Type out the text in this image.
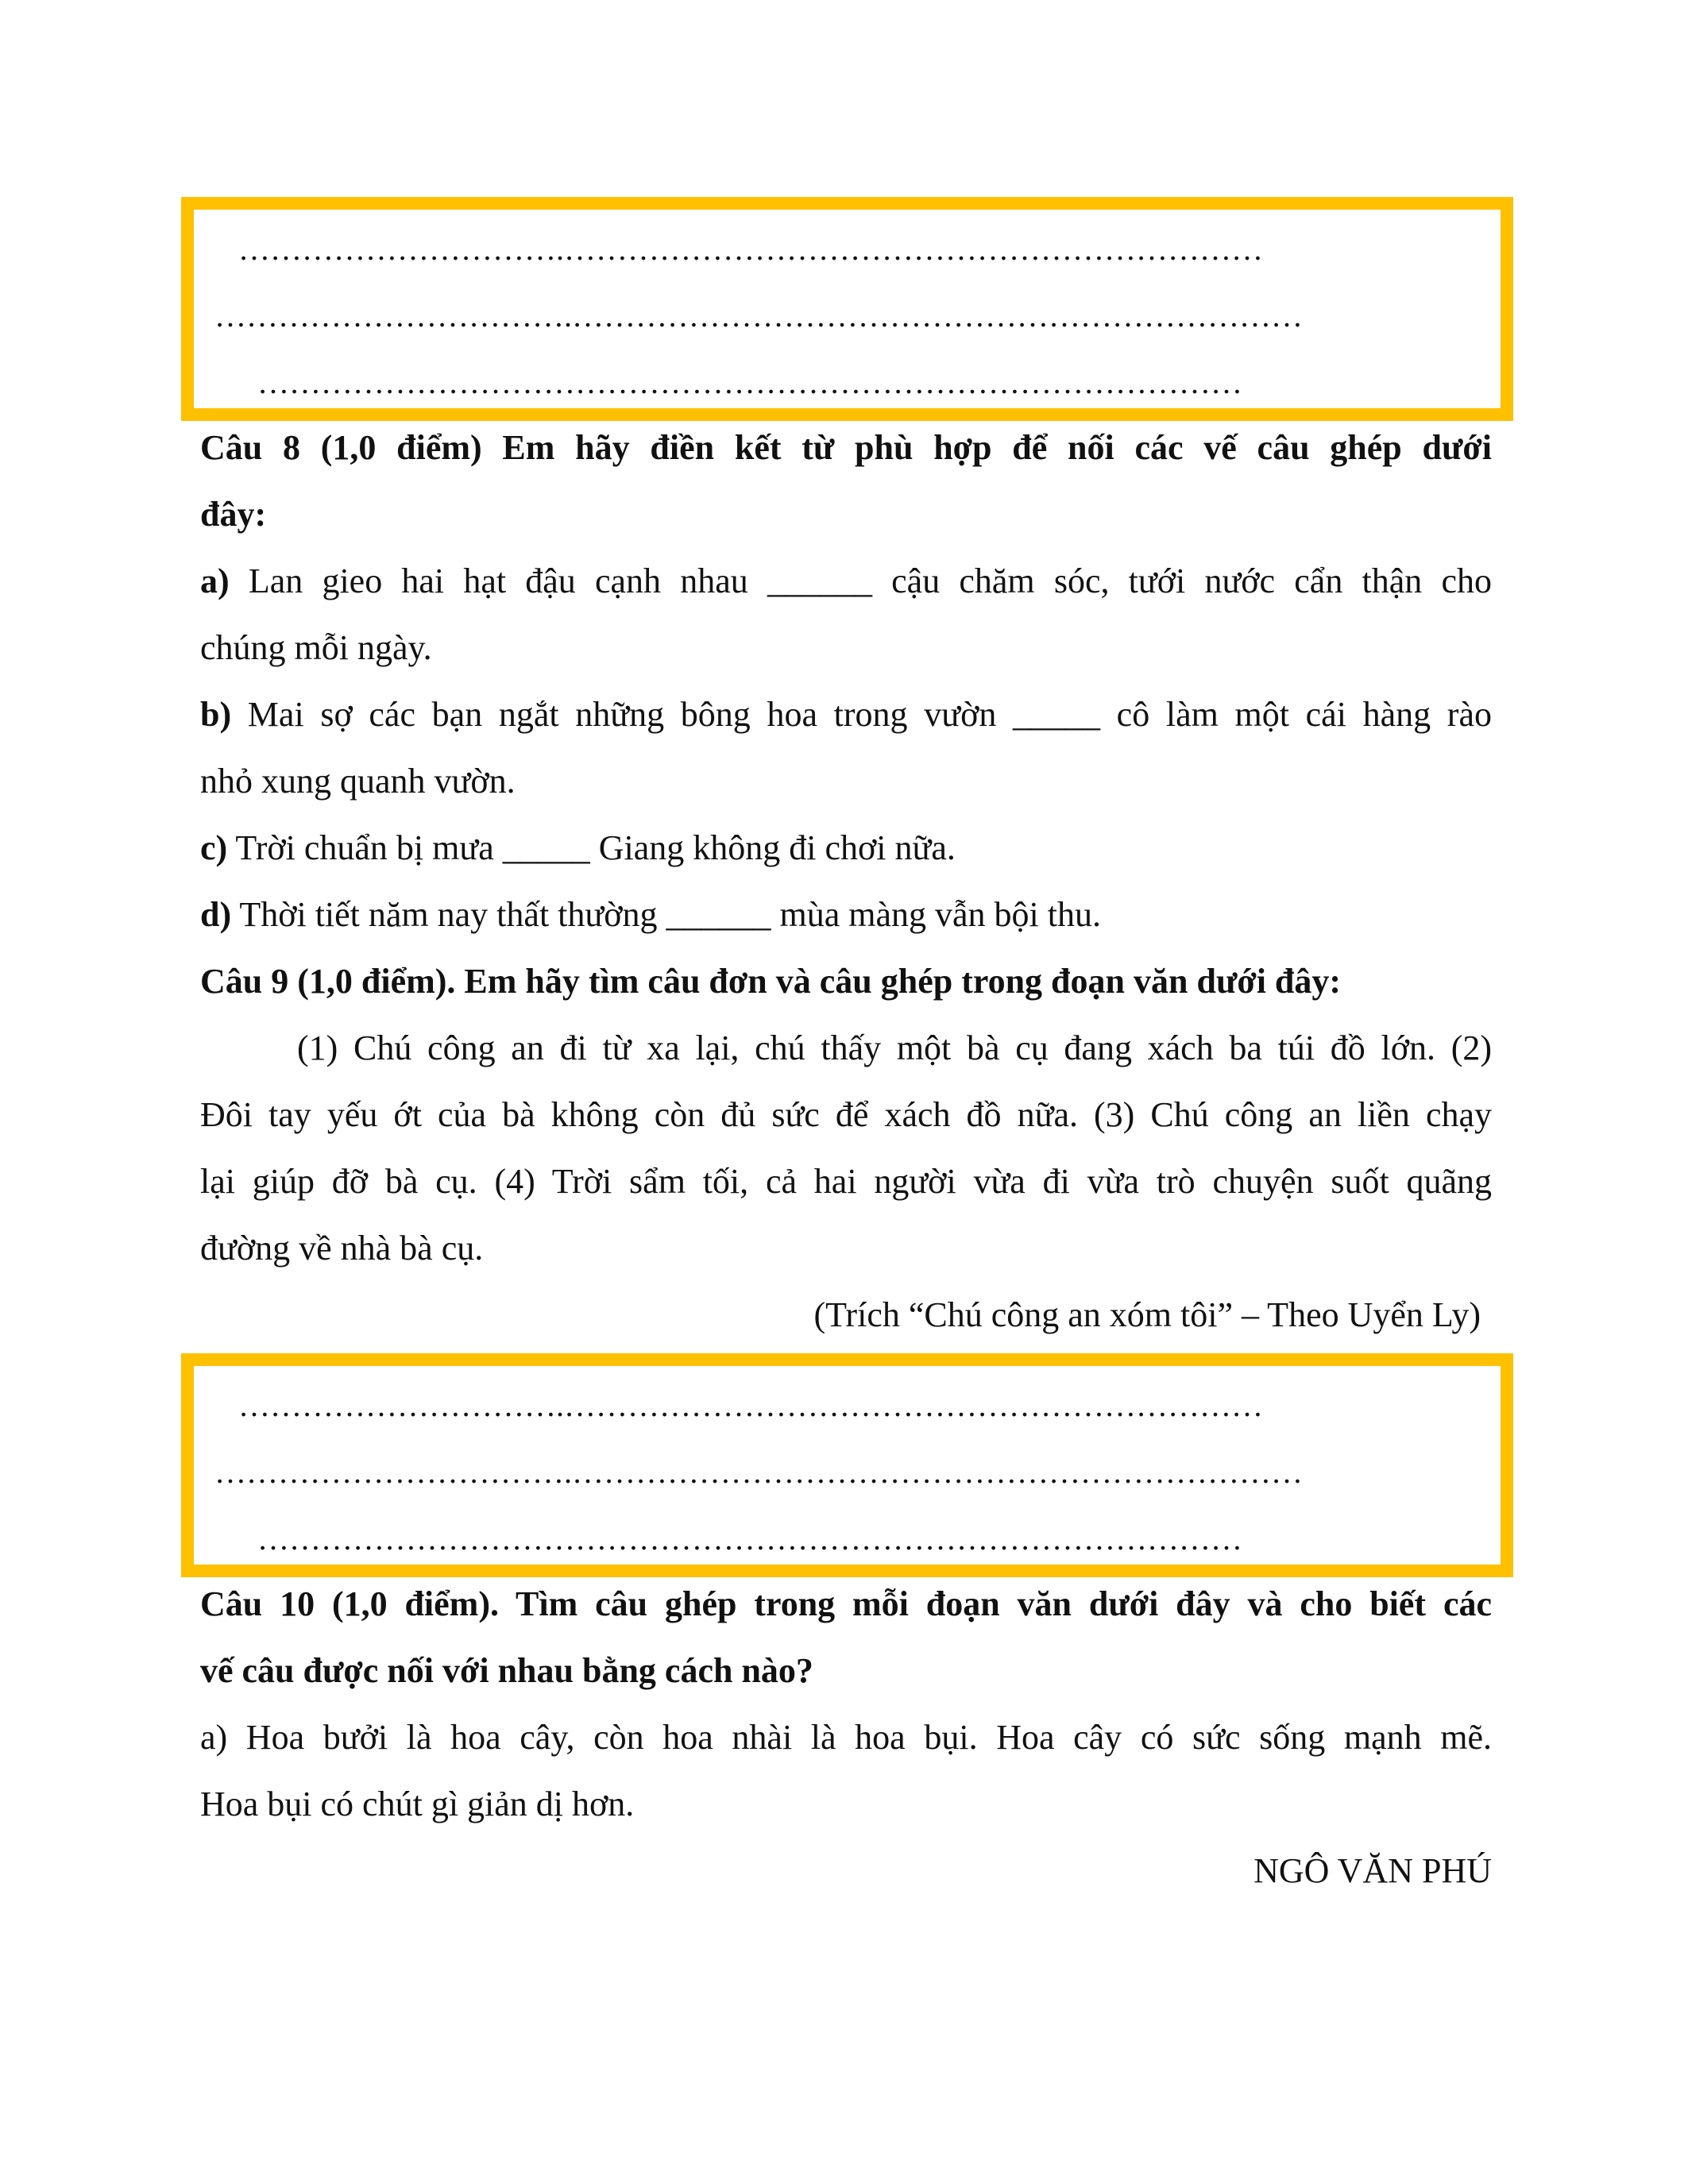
………………………….…………………………………………………………
…………………………….……………………………………………………………
…………………………………………………………………………………
Câu 8 (1,0 điểm) Em hãy điền kết từ phù hợp để nối các vế câu ghép dưới
đây:
a) Lan gieo hai hạt đậu cạnh nhau ______ cậu chăm sóc, tưới nước cẩn thận cho
chúng mỗi ngày.
b) Mai sợ các bạn ngắt những bông hoa trong vườn _____ cô làm một cái hàng rào
nhỏ xung quanh vườn.
c) Trời chuẩn bị mưa _____ Giang không đi chơi nữa.
d) Thời tiết năm nay thất thường ______ mùa màng vẫn bội thu.
Câu 9 (1,0 điểm). Em hãy tìm câu đơn và câu ghép trong đoạn văn dưới đây:
(1) Chú công an đi từ xa lại, chú thấy một bà cụ đang xách ba túi đồ lớn. (2)
Đôi tay yếu ớt của bà không còn đủ sức để xách đồ nữa. (3) Chú công an liền chạy
lại giúp đỡ bà cụ. (4) Trời sẩm tối, cả hai người vừa đi vừa trò chuyện suốt quãng
đường về nhà bà cụ.
(Trích “Chú công an xóm tôi” – Theo Uyển Ly)
………………………….…………………………………………………………
…………………………….……………………………………………………………
…………………………………………………………………………………
Câu 10 (1,0 điểm). Tìm câu ghép trong mỗi đoạn văn dưới đây và cho biết các
vế câu được nối với nhau bằng cách nào?
a) Hoa bưởi là hoa cây, còn hoa nhài là hoa bụi. Hoa cây có sức sống mạnh mẽ.
Hoa bụi có chút gì giản dị hơn.
NGÔ VĂN PHÚ
